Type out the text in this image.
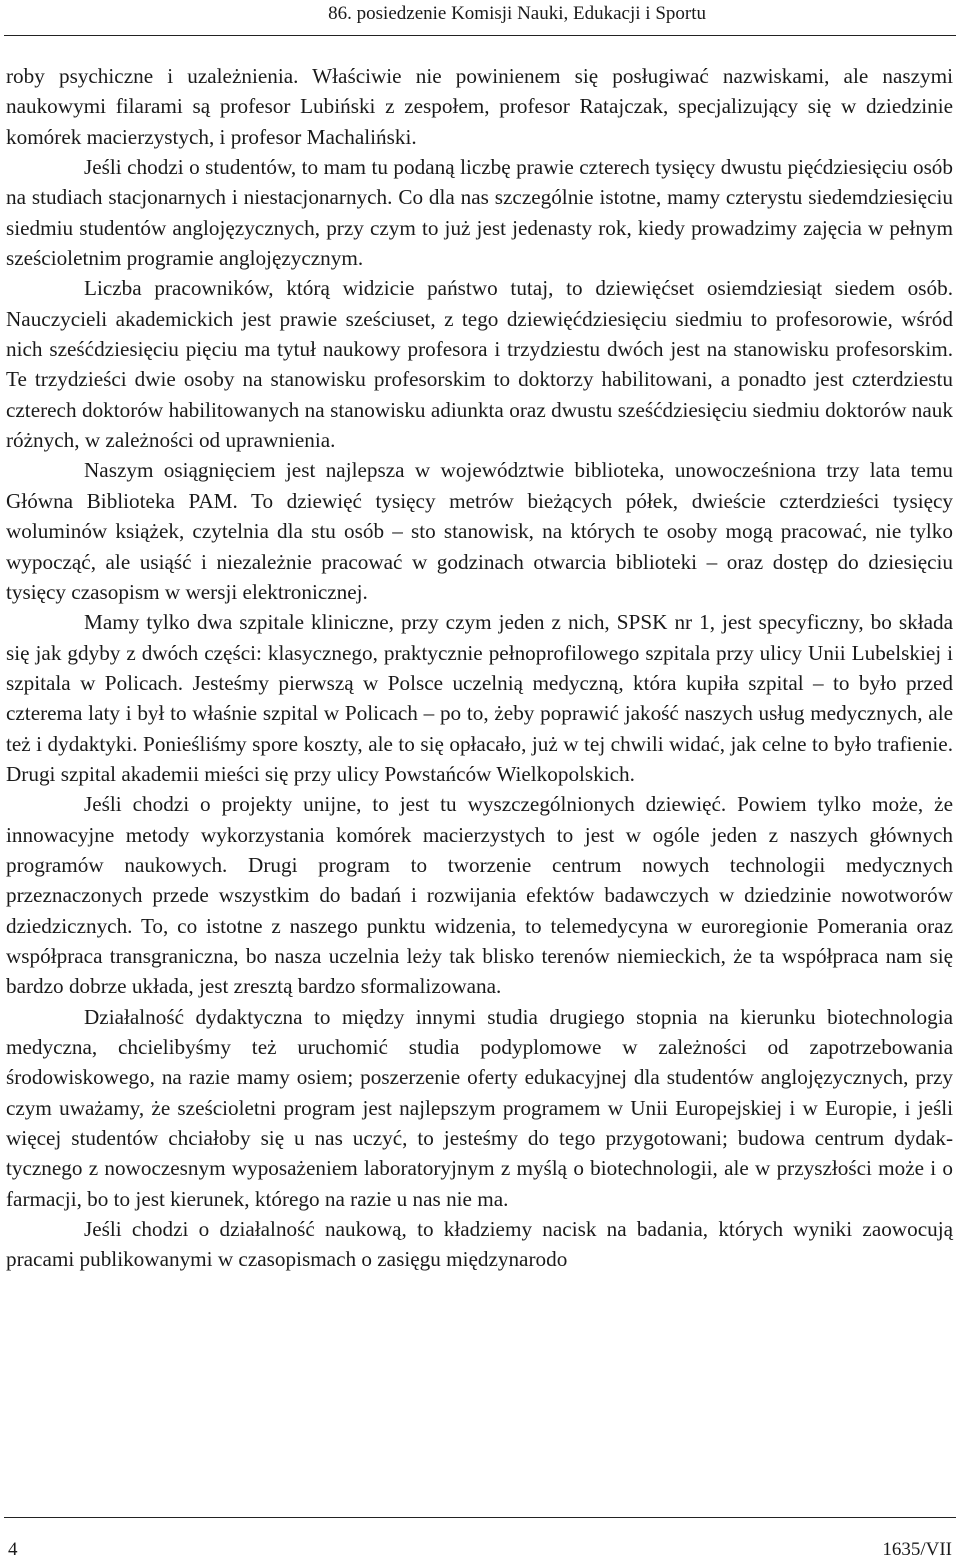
86. posiedzenie Komisji Nauki, Edukacji i Sportu

roby psychiczne i uzależnienia. Właściwie nie powinienem się posługiwać nazwiskami, ale naszymi naukowymi filarami są profesor Lubiński z zespołem, profesor Ratajczak, specjalizujący się w dziedzinie komórek macierzystych, i profesor Machaliński.

Jeśli chodzi o studentów, to mam tu podaną liczbę prawie czterech tysięcy dwustu pięćdziesięciu osób na studiach stacjonarnych i niestacjonarnych. Co dla nas szczególnie istotne, mamy czterystu siedemdziesięciu siedmiu studentów anglojęzycznych, przy czym to już jest jedenasty rok, kiedy prowadzimy zajęcia w pełnym sześcioletnim programie anglojęzycznym.

Liczba pracowników, którą widzicie państwo tutaj, to dziewięćset osiemdziesiąt siedem osób. Nauczycieli akademickich jest prawie sześciuset, z tego dziewięćdziesięciu siedmiu to profesorowie, wśród nich sześćdziesięciu pięciu ma tytuł naukowy profesora i trzydziestu dwóch jest na stanowisku profesorskim. Te trzydzieści dwie osoby na stanowisku profesorskim to doktorzy habilitowani, a ponadto jest czterdziestu czterech doktorów habilitowanych na stanowisku adiunkta oraz dwustu sześćdziesięciu siedmiu doktorów nauk różnych, w zależności od uprawnienia.

Naszym osiągnięciem jest najlepsza w województwie biblioteka, unowocześniona trzy lata temu Główna Biblioteka PAM. To dziewięć tysięcy metrów bieżących półek, dwieście czterdzieści tysięcy woluminów książek, czytelnia dla stu osób – sto stanowisk, na których te osoby mogą pracować, nie tylko wypocząć, ale usiąść i niezależnie pracować w godzinach otwarcia biblioteki – oraz dostęp do dziesięciu tysięcy czasopism w wersji elektronicznej.

Mamy tylko dwa szpitale kliniczne, przy czym jeden z nich, SPSK nr 1, jest specyficzny, bo składa się jak gdyby z dwóch części: klasycznego, praktycznie pełnoprofilowego szpitala przy ulicy Unii Lubelskiej i szpitala w Policach. Jesteśmy pierwszą w Polsce uczelnią medyczną, która kupiła szpital – to było przed czterema laty i był to właśnie szpital w Policach – po to, żeby poprawić jakość naszych usług medycznych, ale też i dydaktyki. Ponieśliśmy spore koszty, ale to się opłacało, już w tej chwili widać, jak celne to było trafienie. Drugi szpital akademii mieści się przy ulicy Powstańców Wielkopolskich.

Jeśli chodzi o projekty unijne, to jest tu wyszczególnionych dziewięć. Powiem tylko może, że innowacyjne metody wykorzystania komórek macierzystych to jest w ogóle jeden z naszych głównych programów naukowych. Drugi program to tworzenie centrum nowych technologii medycznych przeznaczonych przede wszystkim do badań i rozwijania efektów badawczych w dziedzinie nowotworów dziedzicznych. To, co istotne z naszego punktu widzenia, to telemedycyna w euroregionie Pomerania oraz współpraca transgraniczna, bo nasza uczelnia leży tak blisko terenów niemieckich, że ta współpraca nam się bardzo dobrze układa, jest zresztą bardzo sformalizowana.

Działalność dydaktyczna to między innymi studia drugiego stopnia na kierunku biotechnologia medyczna, chcielibyśmy też uruchomić studia podyplomowe w zależności od zapotrzebowania środowiskowego, na razie mamy osiem; poszerzenie oferty edukacyjnej dla studentów anglojęzycznych, przy czym uważamy, że sześcioletni program jest najlepszym programem w Unii Europejskiej i w Europie, i jeśli więcej studentów chciałoby się u nas uczyć, to jesteśmy do tego przygotowani; budowa centrum dydaktycznego z nowoczesnym wyposażeniem laboratoryjnym z myślą o biotechnologii, ale w przyszłości może i o farmacji, bo to jest kierunek, którego na razie u nas nie ma.

Jeśli chodzi o działalność naukową, to kładziemy nacisk na badania, których wyniki zaowocują pracami publikowanymi w czasopismach o zasięgu międzynarodo

4	1635/VII
